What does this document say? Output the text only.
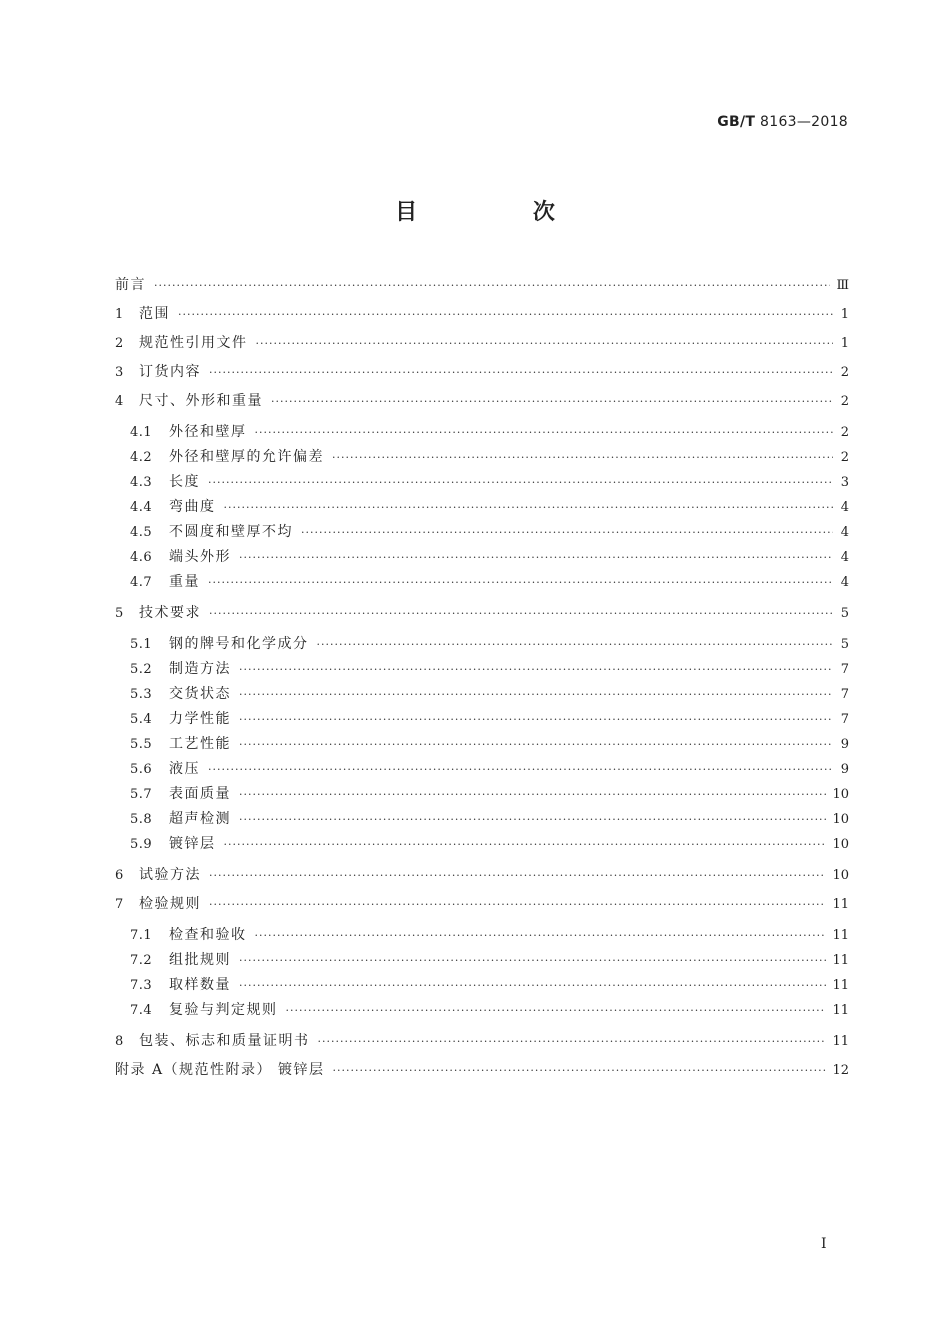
GB/T 8163—2018
目 次
前言 ·····	Ⅲ
1	范围 ·····	1
2	规范性引用文件 ·····	1
3	订货内容 ·····	2
4	尺寸、外形和重量 ·····	2
4.1	外径和壁厚 ·····	2
4.2	外径和壁厚的允许偏差 ·····	2
4.3	长度 ·····	3
4.4	弯曲度 ·····	4
4.5	不圆度和壁厚不均 ·····	4
4.6	端头外形 ·····	4
4.7	重量 ·····	4
5	技术要求 ·····	5
5.1	钢的牌号和化学成分 ·····	5
5.2	制造方法 ·····	7
5.3	交货状态 ·····	7
5.4	力学性能 ·····	7
5.5	工艺性能 ·····	9
5.6	液压 ·····	9
5.7	表面质量 ·····	10
5.8	超声检测 ·····	10
5.9	镀锌层 ·····	10
6	试验方法 ·····	10
7	检验规则 ·····	11
7.1	检查和验收 ·····	11
7.2	组批规则 ·····	11
7.3	取样数量 ·····	11
7.4	复验与判定规则 ·····	11
8	包装、标志和质量证明书 ·····	11
附录 A（规范性附录） 镀锌层 ·····	12
I
